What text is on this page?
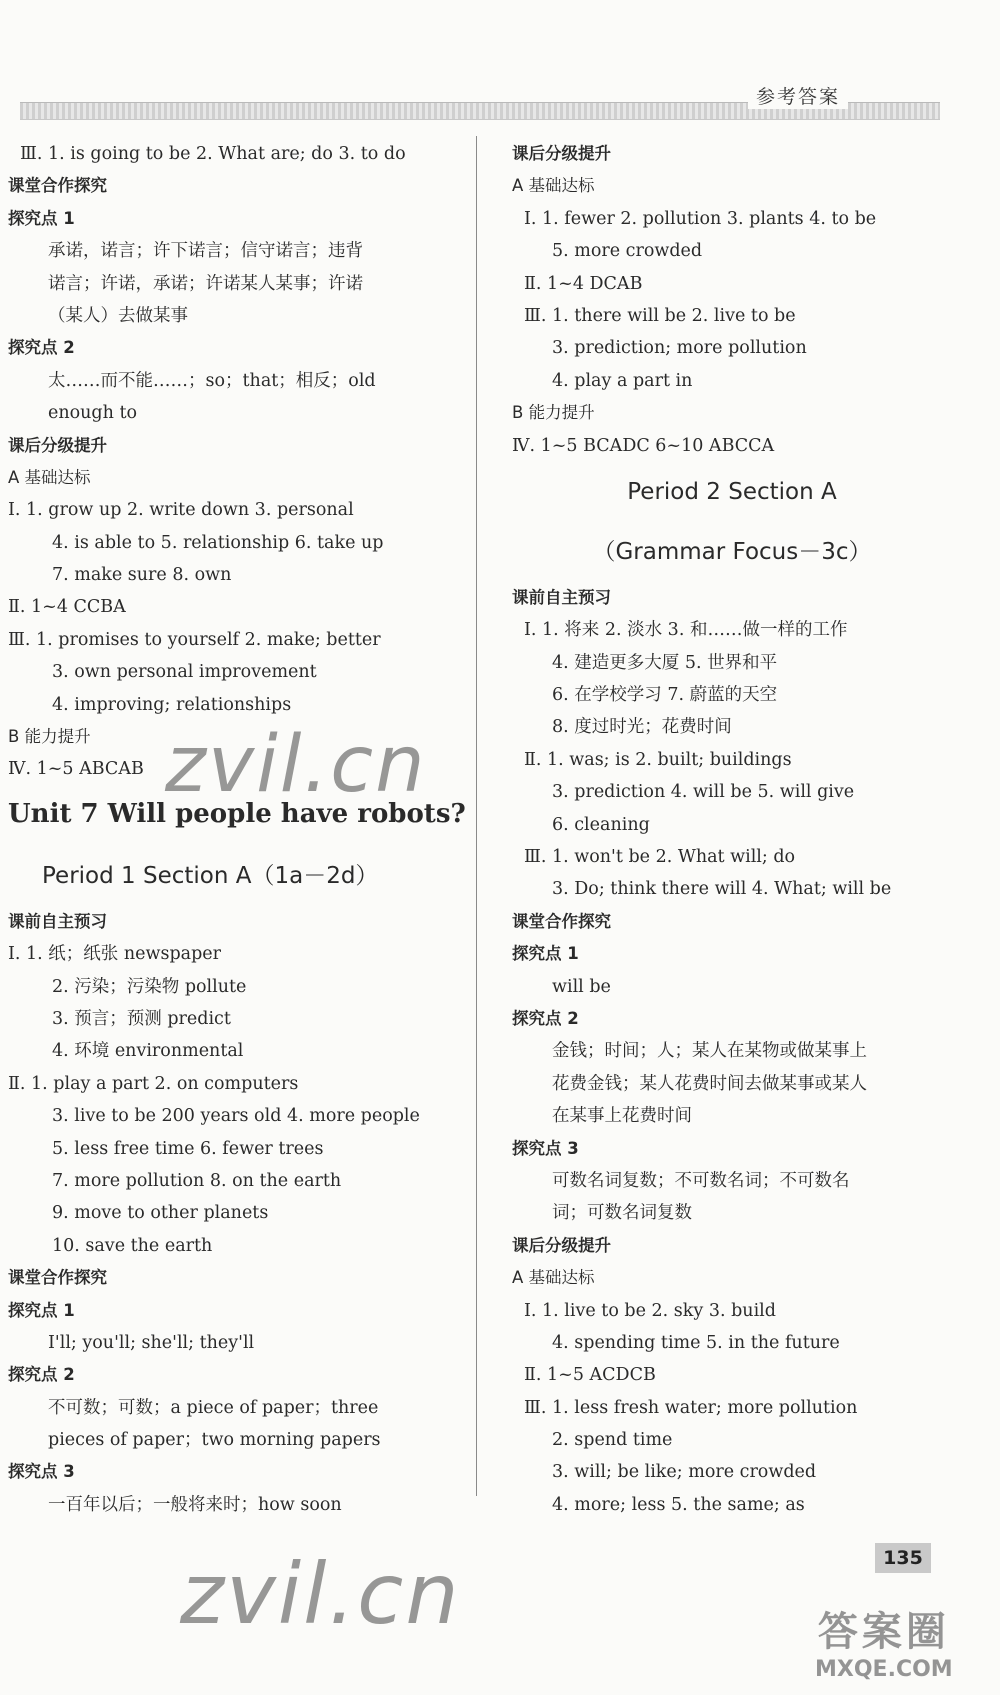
参考答案
Ⅲ. 1. is going to be 2. What are; do 3. to do
课堂合作探究
探究点 1
承诺，诺言；许下诺言；信守诺言；违背
诺言；许诺，承诺；许诺某人某事；许诺
（某人）去做某事
探究点 2
太……而不能……；so；that；相反；old
enough to
课后分级提升
A 基础达标
Ⅰ. 1. grow up 2. write down 3. personal
4. is able to 5. relationship 6. take up
7. make sure 8. own
Ⅱ. 1~4 CCBA
Ⅲ. 1. promises to yourself 2. make; better
3. own personal improvement
4. improving; relationships
B 能力提升
Ⅳ. 1~5 ABCAB
Unit 7 Will people have robots?
Period 1 Section A（1a－2d）
课前自主预习
Ⅰ. 1. 纸；纸张 newspaper
2. 污染；污染物 pollute
3. 预言；预测 predict
4. 环境 environmental
Ⅱ. 1. play a part 2. on computers
3. live to be 200 years old 4. more people
5. less free time 6. fewer trees
7. more pollution 8. on the earth
9. move to other planets
10. save the earth
课堂合作探究
探究点 1
I'll; you'll; she'll; they'll
探究点 2
不可数；可数；a piece of paper；three
pieces of paper；two morning papers
探究点 3
一百年以后；一般将来时；how soon
课后分级提升
A 基础达标
Ⅰ. 1. fewer 2. pollution 3. plants 4. to be
5. more crowded
Ⅱ. 1~4 DCAB
Ⅲ. 1. there will be 2. live to be
3. prediction; more pollution
4. play a part in
B 能力提升
Ⅳ. 1~5 BCADC 6~10 ABCCA
Period 2 Section A
（Grammar Focus－3c）
课前自主预习
Ⅰ. 1. 将来 2. 淡水 3. 和……做一样的工作
4. 建造更多大厦 5. 世界和平
6. 在学校学习 7. 蔚蓝的天空
8. 度过时光；花费时间
Ⅱ. 1. was; is 2. built; buildings
3. prediction 4. will be 5. will give
6. cleaning
Ⅲ. 1. won't be 2. What will; do
3. Do; think there will 4. What; will be
课堂合作探究
探究点 1
will be
探究点 2
金钱；时间；人；某人在某物或做某事上
花费金钱；某人花费时间去做某事或某人
在某事上花费时间
探究点 3
可数名词复数；不可数名词；不可数名
词；可数名词复数
课后分级提升
A 基础达标
Ⅰ. 1. live to be 2. sky 3. build
4. spending time 5. in the future
Ⅱ. 1~5 ACDCB
Ⅲ. 1. less fresh water; more pollution
2. spend time
3. will; be like; more crowded
4. more; less 5. the same; as
135
zvil.cn
zvil.cn	答案圈
MXQE.COM
